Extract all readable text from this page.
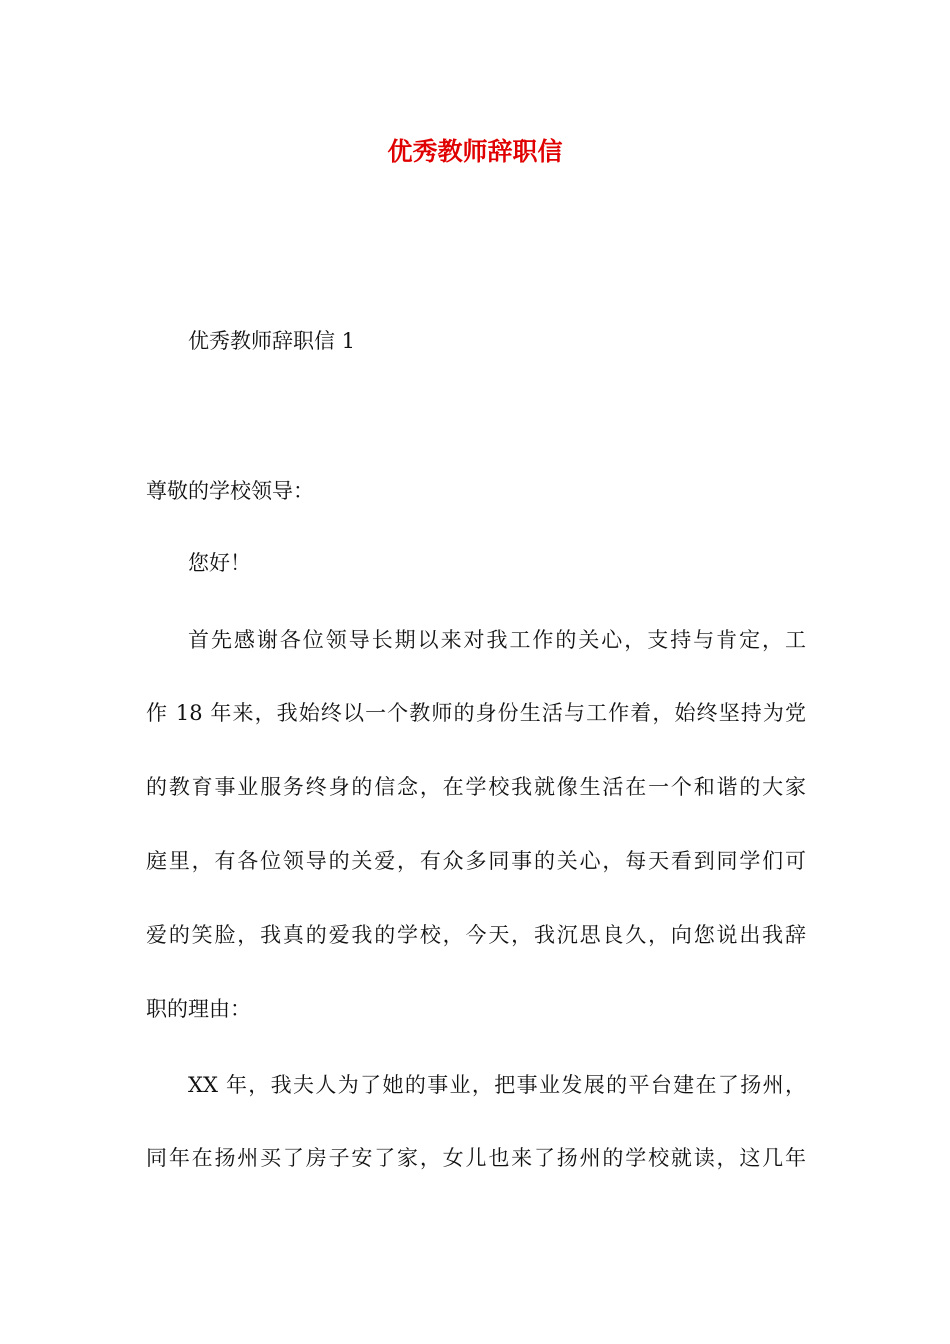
优秀教师辞职信
优秀教师辞职信 1
尊敬的学校领导：
您好！
首先感谢各位领导长期以来对我工作的关心，支持与肯定，工
作 18 年来，我始终以一个教师的身份生活与工作着，始终坚持为党
的教育事业服务终身的信念，在学校我就像生活在一个和谐的大家
庭里，有各位领导的关爱，有众多同事的关心，每天看到同学们可
爱的笑脸，我真的爱我的学校，今天，我沉思良久，向您说出我辞
职的理由：
XX 年，我夫人为了她的事业，把事业发展的平台建在了扬州，
同年在扬州买了房子安了家，女儿也来了扬州的学校就读，这几年
